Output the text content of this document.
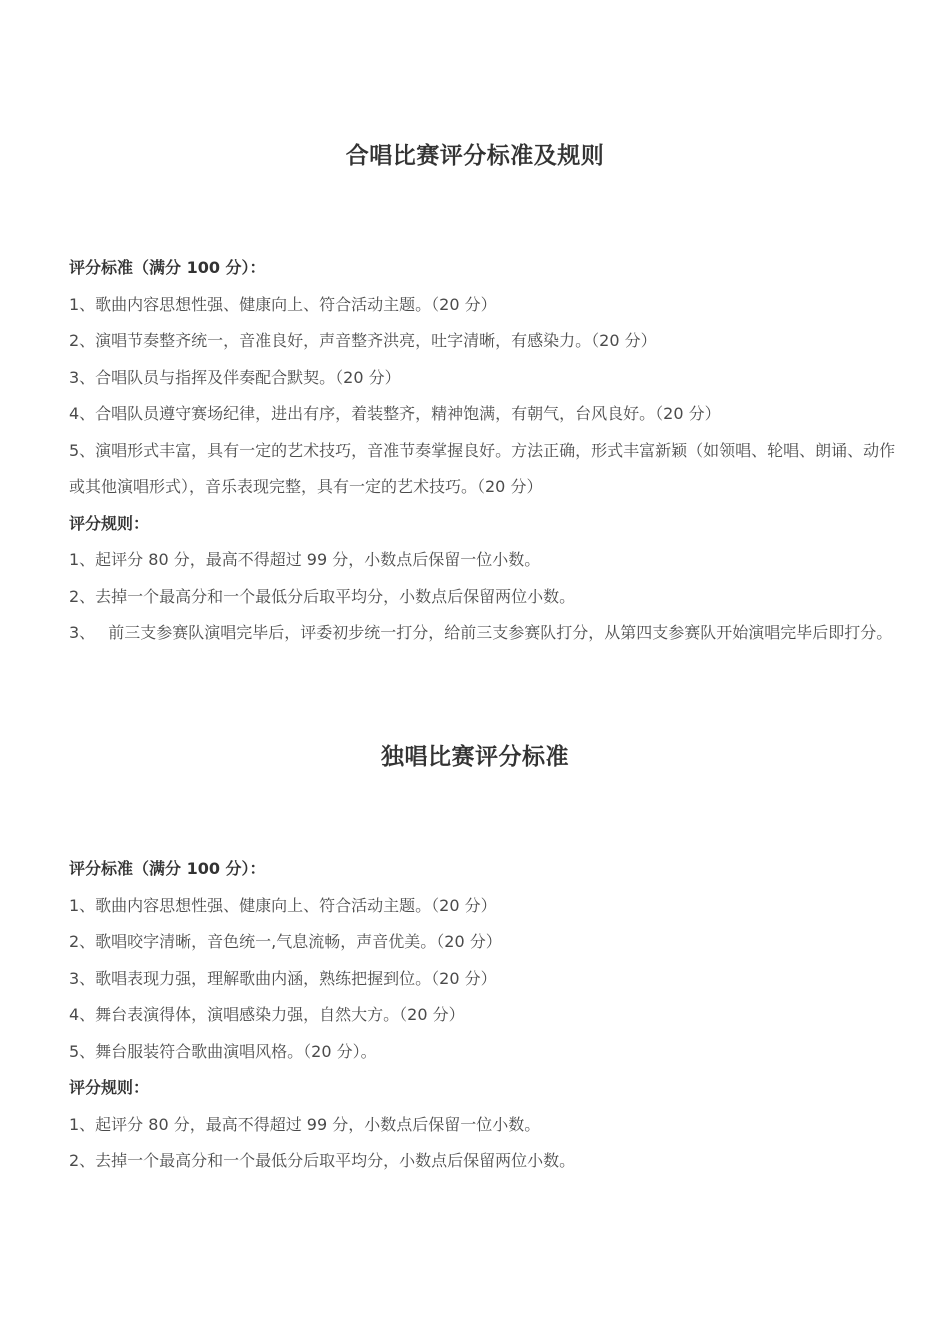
合唱比赛评分标准及规则
评分标准（满分 100 分）：

1、歌曲内容思想性强、健康向上、符合活动主题。（20 分）

2、演唱节奏整齐统一，音准良好，声音整齐洪亮，吐字清晰，有感染力。（20 分）

3、合唱队员与指挥及伴奏配合默契。（20 分）

4、合唱队员遵守赛场纪律，进出有序，着装整齐，精神饱满，有朝气，台风良好。（20 分）

5、演唱形式丰富，具有一定的艺术技巧，音准节奏掌握良好。方法正确，形式丰富新颖（如领唱、轮唱、朗诵、动作或其他演唱形式），音乐表现完整，具有一定的艺术技巧。（20 分）

评分规则：

1、起评分 80 分，最高不得超过 99 分，小数点后保留一位小数。

2、去掉一个最高分和一个最低分后取平均分，小数点后保留两位小数。

3、　 前三支参赛队演唱完毕后，评委初步统一打分，给前三支参赛队打分，从第四支参赛队开始演唱完毕后即打分。

独唱比赛评分标准
评分标准（满分 100 分）：

1、歌曲内容思想性强、健康向上、符合活动主题。（20 分）

2、歌唱咬字清晰，音色统一,气息流畅，声音优美。（20 分）

3、歌唱表现力强，理解歌曲内涵，熟练把握到位。（20 分）

4、舞台表演得体，演唱感染力强，自然大方。（20 分）

5、舞台服装符合歌曲演唱风格。（20 分）。

评分规则：

1、起评分 80 分，最高不得超过 99 分，小数点后保留一位小数。

2、去掉一个最高分和一个最低分后取平均分，小数点后保留两位小数。
